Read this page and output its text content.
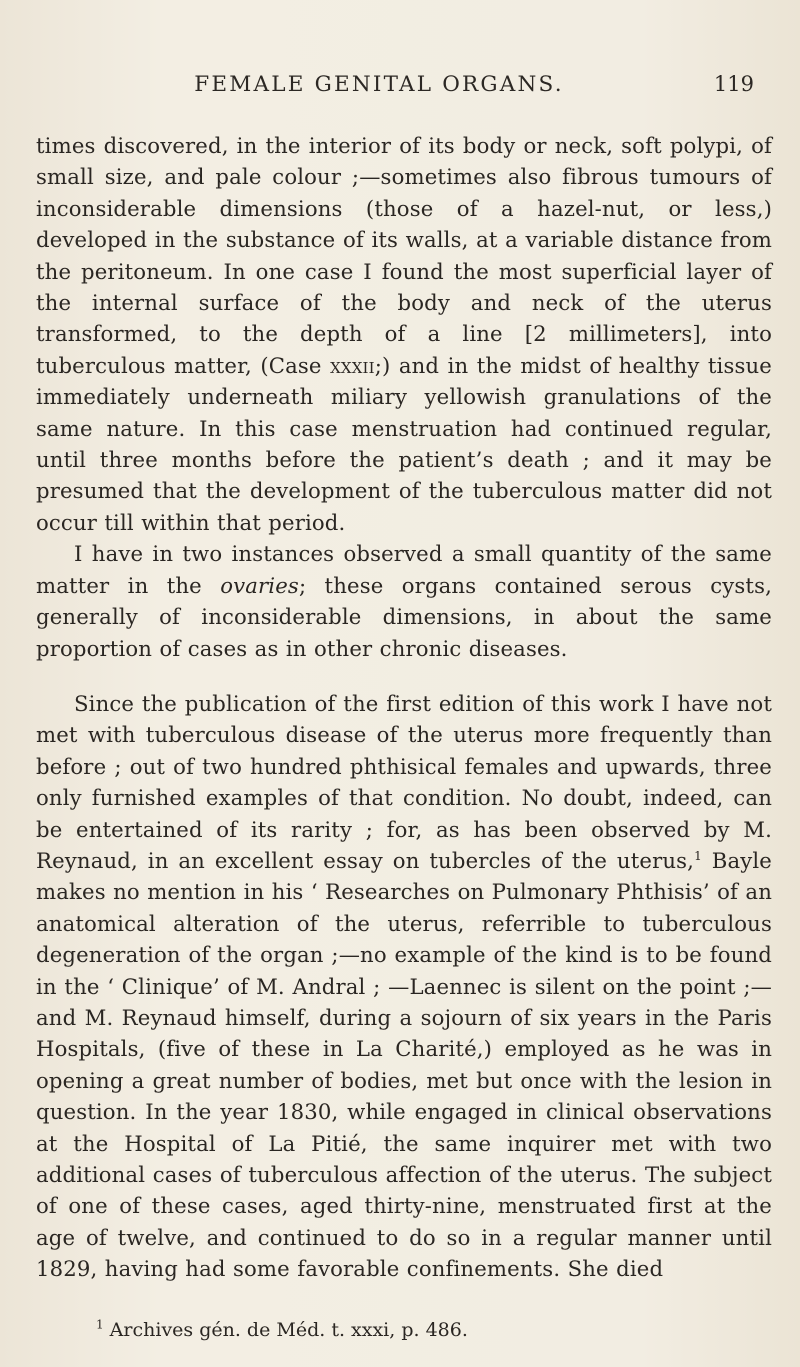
FEMALE GENITAL ORGANS.	119

times discovered, in the interior of its body or neck, soft polypi, of small size, and pale colour ;—sometimes also fibrous tumours of inconsiderable dimensions (those of a hazel-nut, or less,) developed in the substance of its walls, at a variable distance from the peritoneum. In one case I found the most superficial layer of the internal surface of the body and neck of the uterus transformed, to the depth of a line [2 millimeters], into tuberculous matter, (Case xxxii;) and in the midst of healthy tissue immediately underneath miliary yellowish granulations of the same nature. In this case menstruation had continued regular, until three months before the patient’s death ; and it may be presumed that the development of the tuberculous matter did not occur till within that period.

I have in two instances observed a small quantity of the same matter in the ovaries; these organs contained serous cysts, generally of inconsiderable dimensions, in about the same proportion of cases as in other chronic diseases.

Since the publication of the first edition of this work I have not met with tuberculous disease of the uterus more frequently than before ; out of two hundred phthisical females and upwards, three only furnished examples of that condition. No doubt, indeed, can be entertained of its rarity ; for, as has been observed by M. Reynaud, in an excellent essay on tubercles of the uterus,$^1$ Bayle makes no mention in his ‘ Researches on Pulmonary Phthisis’ of an anatomical alteration of the uterus, referrible to tuberculous degeneration of the organ ;—no example of the kind is to be found in the ‘ Clinique’ of M. Andral ; —Laennec is silent on the point ;—and M. Reynaud himself, during a sojourn of six years in the Paris Hospitals, (five of these in La Charité,) employed as he was in opening a great number of bodies, met but once with the lesion in question. In the year 1830, while engaged in clinical observations at the Hospital of La Pitié, the same inquirer met with two additional cases of tuberculous affection of the uterus. The subject of one of these cases, aged thirty-nine, menstruated first at the age of twelve, and continued to do so in a regular manner until 1829, having had some favorable confinements. She died

$^1$ Archives gén. de Méd. t. xxxi, p. 486.
